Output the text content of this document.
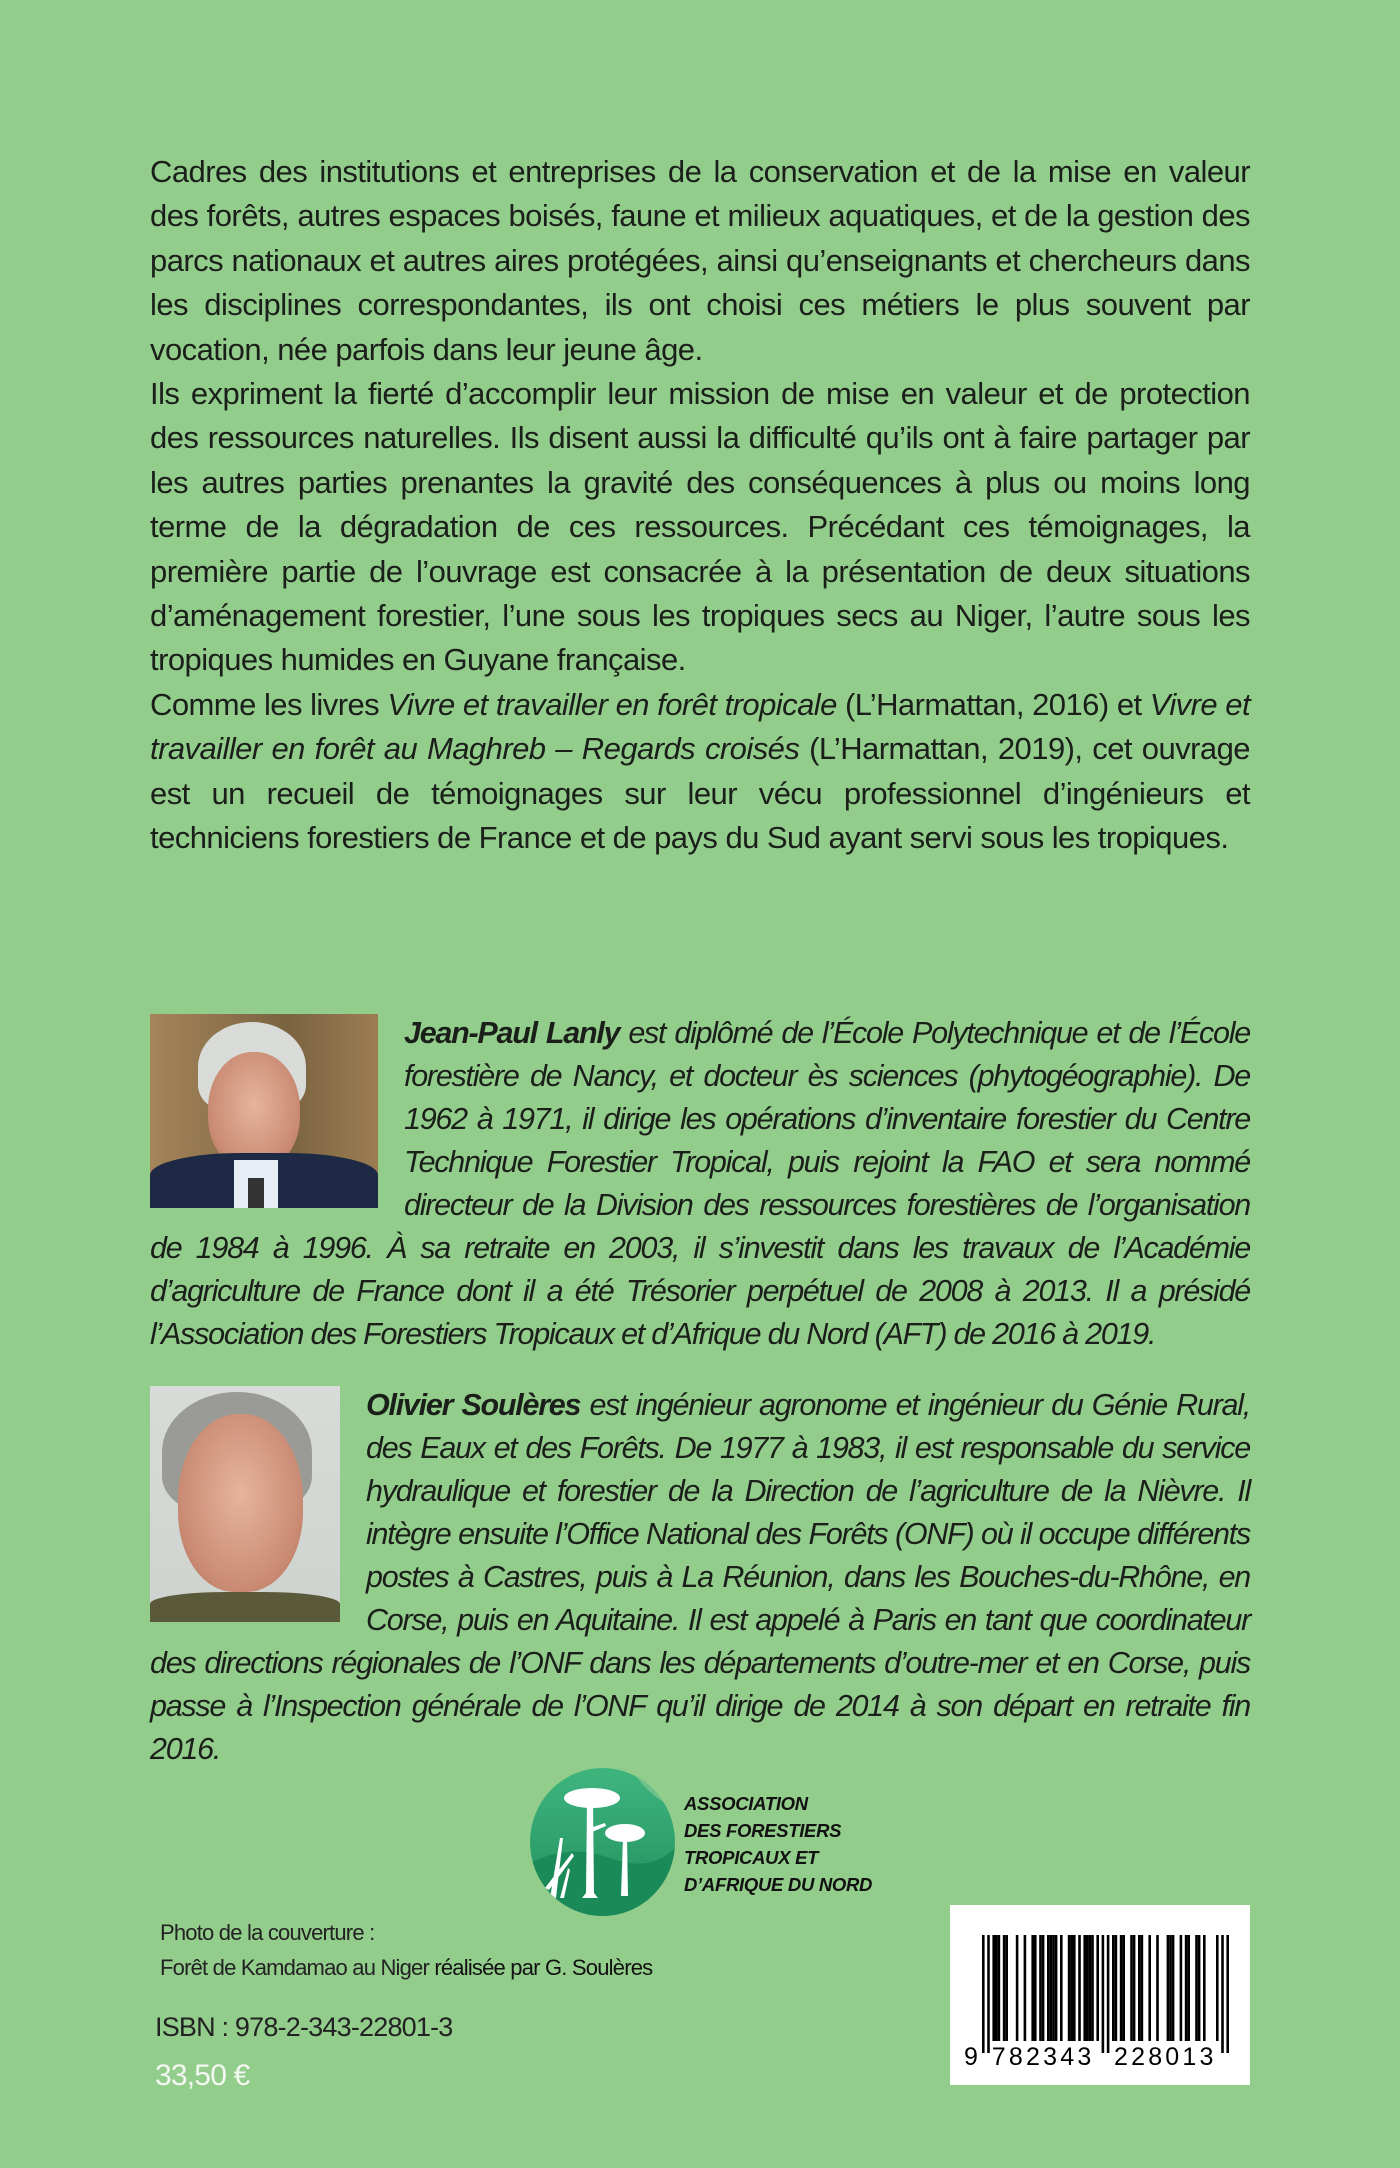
Cadres des institutions et entreprises de la conservation et de la mise en valeur des forêts, autres espaces boisés, faune et milieux aquatiques, et de la gestion des parcs nationaux et autres aires protégées, ainsi qu’enseignants et chercheurs dans les disciplines correspondantes, ils ont choisi ces métiers le plus souvent par vocation, née parfois dans leur jeune âge.

Ils expriment la fierté d’accomplir leur mission de mise en valeur et de protection des ressources naturelles. Ils disent aussi la difficulté qu’ils ont à faire partager par les autres parties prenantes la gravité des conséquences à plus ou moins long terme de la dégradation de ces ressources. Précédant ces témoignages, la première partie de l’ouvrage est consacrée à la présentation de deux situations d’aménagement forestier, l’une sous les tropiques secs au Niger, l’autre sous les tropiques humides en Guyane française.

Comme les livres Vivre et travailler en forêt tropicale (L’Harmattan, 2016) et Vivre et travailler en forêt au Maghreb – Regards croisés (L’Harmattan, 2019), cet ouvrage est un recueil de témoignages sur leur vécu professionnel d’ingénieurs et techniciens forestiers de France et de pays du Sud ayant servi sous les tropiques.

Jean-Paul Lanly est diplômé de l’École Polytechnique et de l’École forestière de Nancy, et docteur ès sciences (phytogéographie). De 1962 à 1971, il dirige les opérations d’inventaire forestier du Centre Technique Forestier Tropical, puis rejoint la FAO et sera nommé directeur de la Division des ressources forestières de l’organisation de 1984 à 1996. À sa retraite en 2003, il s’investit dans les travaux de l’Académie d’agriculture de France dont il a été Trésorier perpétuel de 2008 à 2013. Il a présidé l’Association des Forestiers Tropicaux et d’Afrique du Nord (AFT) de 2016 à 2019.
Olivier Soulères est ingénieur agronome et ingénieur du Génie Rural, des Eaux et des Forêts. De 1977 à 1983, il est responsable du service hydraulique et forestier de la Direction de l’agriculture de la Nièvre. Il intègre ensuite l’Office National des Forêts (ONF) où il occupe différents postes à Castres, puis à La Réunion, dans les Bouches-du-Rhône, en Corse, puis en Aquitaine. Il est appelé à Paris en tant que coordinateur des directions régionales de l’ONF dans les départements d’outre-mer et en Corse, puis passe à l’Inspection générale de l’ONF qu’il dirige de 2014 à son départ en retraite fin 2016.
ASSOCIATION
DES FORESTIERS
TROPICAUX ET
D’AFRIQUE DU NORD
Photo de la couverture :
Forêt de Kamdamao au Niger réalisée par G. Soulères
ISBN : 978-2-343-22801-3
33,50 €
9 782343 228013
